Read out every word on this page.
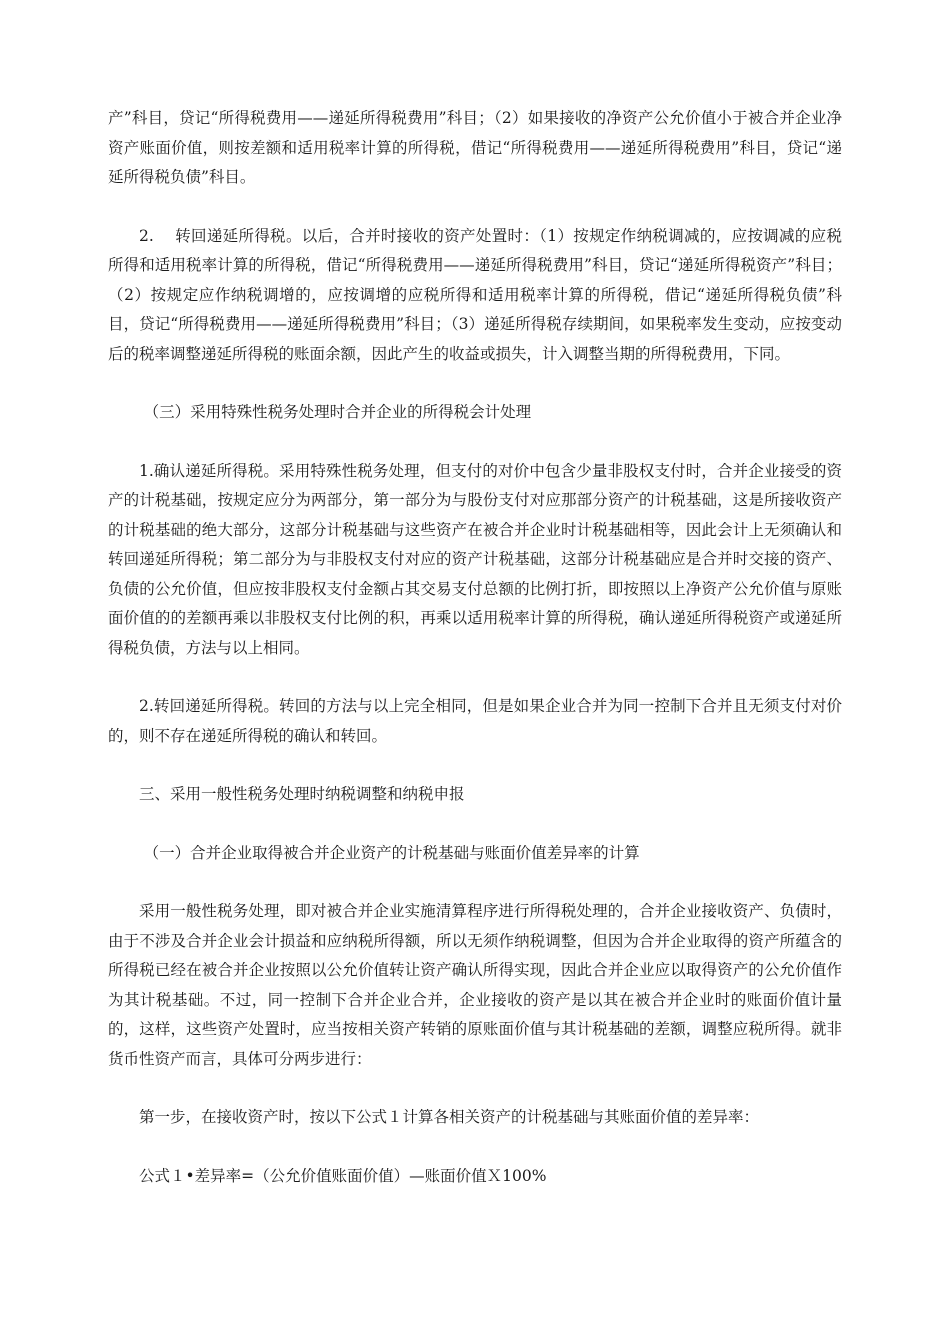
产”科目，贷记“所得税费用——递延所得税费用”科目；（2）如果接收的净资产公允价值小于被合并企业净资产账面价值，则按差额和适用税率计算的所得税，借记“所得税费用——递延所得税费用”科目，贷记“递延所得税负债”科目。

2.　 转回递延所得税。以后，合并时接收的资产处置时：（1）按规定作纳税调减的，应按调减的应税所得和适用税率计算的所得税，借记“所得税费用——递延所得税费用”科目，贷记“递延所得税资产”科目；（2）按规定应作纳税调增的，应按调增的应税所得和适用税率计算的所得税，借记“递延所得税负债”科目，贷记“所得税费用——递延所得税费用”科目；（3）递延所得税存续期间，如果税率发生变动，应按变动后的税率调整递延所得税的账面余额，因此产生的收益或损失，计入调整当期的所得税费用，下同。

（三）采用特殊性税务处理时合并企业的所得税会计处理

1.确认递延所得税。采用特殊性税务处理，但支付的对价中包含少量非股权支付时，合并企业接受的资产的计税基础，按规定应分为两部分，第一部分为与股份支付对应那部分资产的计税基础，这是所接收资产的计税基础的绝大部分，这部分计税基础与这些资产在被合并企业时计税基础相等，因此会计上无须确认和转回递延所得税；第二部分为与非股权支付对应的资产计税基础，这部分计税基础应是合并时交接的资产、负债的公允价值，但应按非股权支付金额占其交易支付总额的比例打折，即按照以上净资产公允价值与原账面价值的的差额再乘以非股权支付比例的积，再乘以适用税率计算的所得税，确认递延所得税资产或递延所得税负债，方法与以上相同。

2.转回递延所得税。转回的方法与以上完全相同，但是如果企业合并为同一控制下合并且无须支付对价的，则不存在递延所得税的确认和转回。

三、采用一般性税务处理时纳税调整和纳税申报

（一）合并企业取得被合并企业资产的计税基础与账面价值差异率的计算

采用一般性税务处理，即对被合并企业实施清算程序进行所得税处理的，合并企业接收资产、负债时，由于不涉及合并企业会计损益和应纳税所得额，所以无须作纳税调整，但因为合并企业取得的资产所蕴含的所得税已经在被合并企业按照以公允价值转让资产确认所得实现，因此合并企业应以取得资产的公允价值作为其计税基础。不过，同一控制下合并企业合并，企业接收的资产是以其在被合并企业时的账面价值计量的，这样，这些资产处置时，应当按相关资产转销的原账面价值与其计税基础的差额，调整应税所得。就非货币性资产而言，具体可分两步进行：

第一步，在接收资产时，按以下公式１计算各相关资产的计税基础与其账面价值的差异率：

公式１•差异率=（公允价值账面价值）—账面价值Ｘ100%
